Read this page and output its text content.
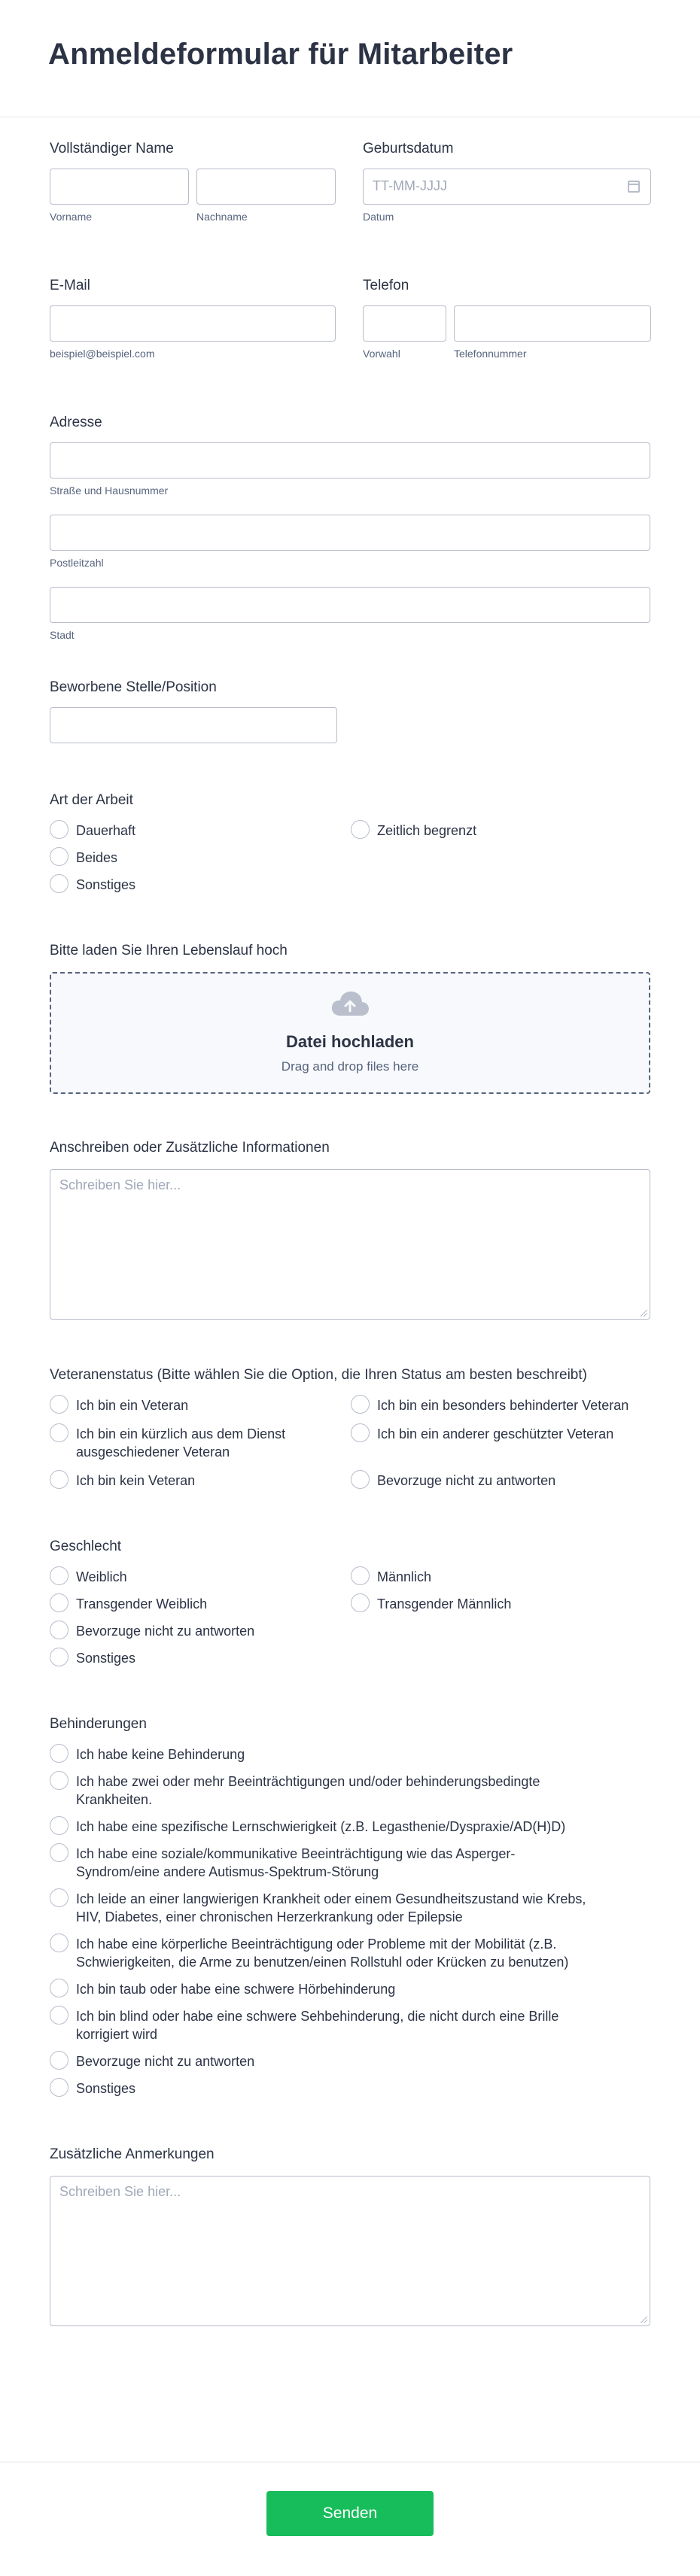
Anmeldeformular für Mitarbeiter
Vollständiger Name
Vorname	Nachname
Geburtsdatum
TT-MM-JJJJ
Datum
E-Mail
beispiel@beispiel.com
Telefon
Vorwahl	Telefonnummer
Adresse
Straße und Hausnummer
Postleitzahl
Stadt
Beworbene Stelle/Position
Art der Arbeit
Dauerhaft	Zeitlich begrenzt
Beides
Sonstiges
Bitte laden Sie Ihren Lebenslauf hoch
Datei hochladen
Drag and drop files here
Anschreiben oder Zusätzliche Informationen
Schreiben Sie hier...
Veteranenstatus (Bitte wählen Sie die Option, die Ihren Status am besten beschreibt)
Ich bin ein Veteran	Ich bin ein besonders behinderter Veteran
Ich bin ein kürzlich aus dem Dienst ausgeschiedener Veteran
Ich bin ein anderer geschützter Veteran
Ich bin kein Veteran	Bevorzuge nicht zu antworten
Geschlecht
Weiblich	Männlich
Transgender Weiblich	Transgender Männlich
Bevorzuge nicht zu antworten
Sonstiges
Behinderungen
Ich habe keine Behinderung
Ich habe zwei oder mehr Beeinträchtigungen und/oder behinderungsbedingte Krankheiten.
Ich habe eine spezifische Lernschwierigkeit (z.B. Legasthenie/Dyspraxie/AD(H)D)
Ich habe eine soziale/kommunikative Beeinträchtigung wie das Asperger-Syndrom/eine andere Autismus-Spektrum-Störung
Ich leide an einer langwierigen Krankheit oder einem Gesundheitszustand wie Krebs, HIV, Diabetes, einer chronischen Herzerkrankung oder Epilepsie
Ich habe eine körperliche Beeinträchtigung oder Probleme mit der Mobilität (z.B. Schwierigkeiten, die Arme zu benutzen/einen Rollstuhl oder Krücken zu benutzen)
Ich bin taub oder habe eine schwere Hörbehinderung
Ich bin blind oder habe eine schwere Sehbehinderung, die nicht durch eine Brille korrigiert wird
Bevorzuge nicht zu antworten
Sonstiges
Zusätzliche Anmerkungen
Schreiben Sie hier...
Senden
